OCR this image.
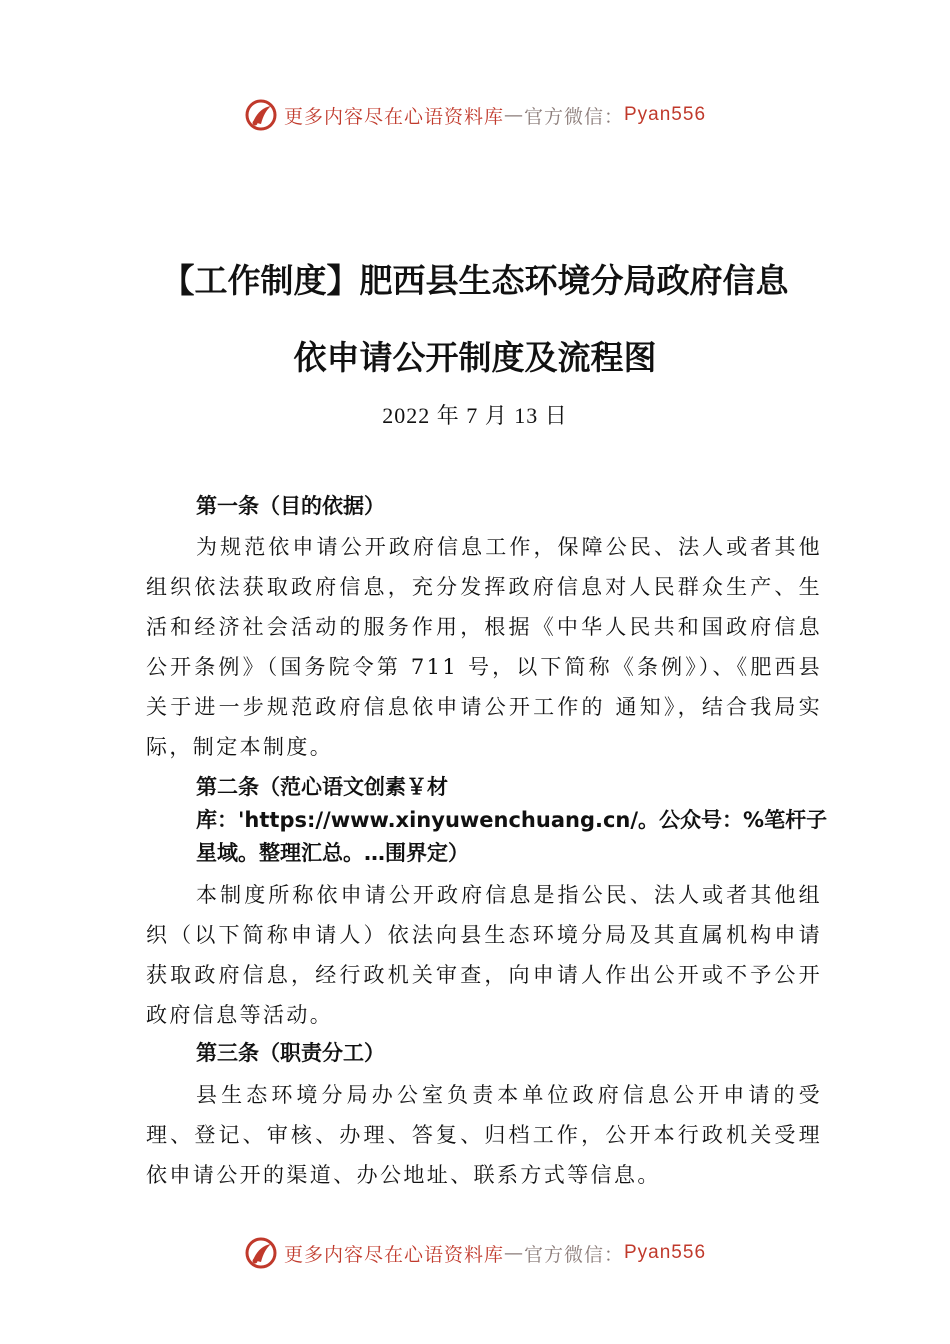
更多内容尽在心语资料库 — 官方微信： Pyan556
【工作制度】肥西县生态环境分局政府信息
依申请公开制度及流程图
2022 年 7 月 13 日

第一条（目的依据）

为规范依申请公开政府信息工作，保障公民、法人或者其他组织依法获取政府信息，充分发挥政府信息对人民群众生产、生活和经济社会活动的服务作用，根据《中华人民共和国政府信息公开条例》（国务院令第 711 号，以下简称《条例》）、《肥西县关于进一步规范政府信息依申请公开工作的 通知》，结合我局实际，制定本制度。

第二条（范心语文创素￥材库：'https://www.xinyuwenchuang.cn/。公众号：%笔杆子星域。整理汇总。…围界定）

本制度所称依申请公开政府信息是指公民、法人或者其他组织（以下简称申请人）依法向县生态环境分局及其直属机构申请获取政府信息，经行政机关审查，向申请人作出公开或不予公开政府信息等活动。

第三条（职责分工）

县生态环境分局办公室负责本单位政府信息公开申请的受理、登记、审核、办理、答复、归档工作，公开本行政机关受理依申请公开的渠道、办公地址、联系方式等信息。

更多内容尽在心语资料库 — 官方微信： Pyan556
